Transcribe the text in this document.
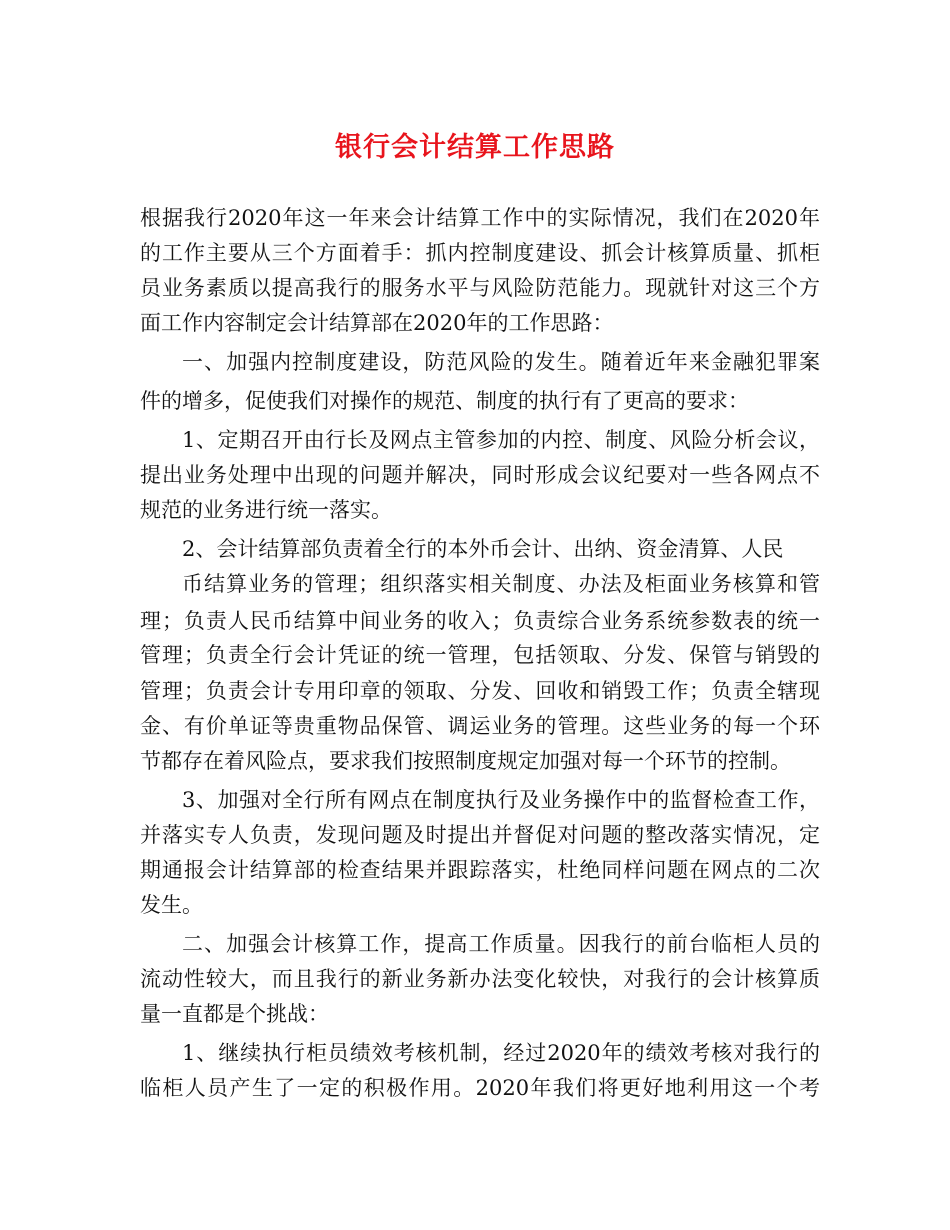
银行会计结算工作思路
根据我行2020年这一年来会计结算工作中的实际情况，我们在2020年
的工作主要从三个方面着手：抓内控制度建设、抓会计核算质量、抓柜
员业务素质以提高我行的服务水平与风险防范能力。现就针对这三个方
面工作内容制定会计结算部在2020年的工作思路：
一、加强内控制度建设，防范风险的发生。随着近年来金融犯罪案
件的增多，促使我们对操作的规范、制度的执行有了更高的要求：
1、定期召开由行长及网点主管参加的内控、制度、风险分析会议，
提出业务处理中出现的问题并解决，同时形成会议纪要对一些各网点不
规范的业务进行统一落实。
2、会计结算部负责着全行的本外币会计、出纳、资金清算、人民
币结算业务的管理；组织落实相关制度、办法及柜面业务核算和管
理；负责人民币结算中间业务的收入；负责综合业务系统参数表的统一
管理；负责全行会计凭证的统一管理，包括领取、分发、保管与销毁的
管理；负责会计专用印章的领取、分发、回收和销毁工作；负责全辖现
金、有价单证等贵重物品保管、调运业务的管理。这些业务的每一个环
节都存在着风险点，要求我们按照制度规定加强对每一个环节的控制。
3、加强对全行所有网点在制度执行及业务操作中的监督检查工作，
并落实专人负责，发现问题及时提出并督促对问题的整改落实情况，定
期通报会计结算部的检查结果并跟踪落实，杜绝同样问题在网点的二次
发生。
二、加强会计核算工作，提高工作质量。因我行的前台临柜人员的
流动性较大，而且我行的新业务新办法变化较快，对我行的会计核算质
量一直都是个挑战：
1、继续执行柜员绩效考核机制，经过2020年的绩效考核对我行的
临柜人员产生了一定的积极作用。2020年我们将更好地利用这一个考
